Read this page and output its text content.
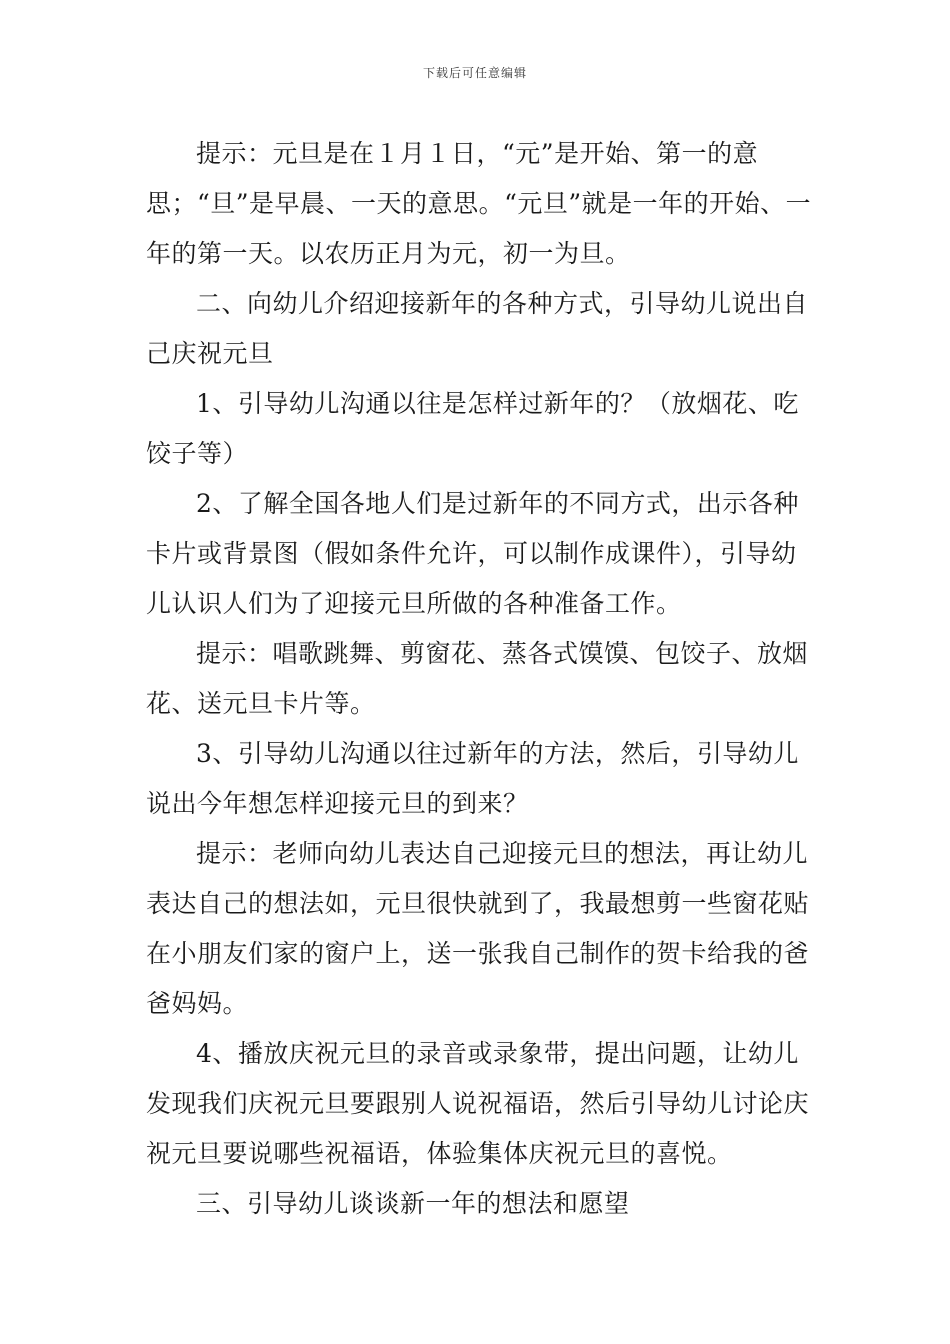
下载后可任意编辑

提示：元旦是在１月１日，“元”是开始、第一的意思；“旦”是早晨、一天的意思。“元旦”就是一年的开始、一年的第一天。以农历正月为元，初一为旦。

二、向幼儿介绍迎接新年的各种方式，引导幼儿说出自己庆祝元旦

1、引导幼儿沟通以往是怎样过新年的？（放烟花、吃饺子等）

2、了解全国各地人们是过新年的不同方式，出示各种卡片或背景图（假如条件允许，可以制作成课件），引导幼儿认识人们为了迎接元旦所做的各种准备工作。

提示：唱歌跳舞、剪窗花、蒸各式馍馍、包饺子、放烟花、送元旦卡片等。

3、引导幼儿沟通以往过新年的方法，然后，引导幼儿说出今年想怎样迎接元旦的到来？

提示：老师向幼儿表达自己迎接元旦的想法，再让幼儿表达自己的想法如，元旦很快就到了，我最想剪一些窗花贴在小朋友们家的窗户上，送一张我自己制作的贺卡给我的爸爸妈妈。

4、播放庆祝元旦的录音或录象带，提出问题，让幼儿发现我们庆祝元旦要跟别人说祝福语，然后引导幼儿讨论庆祝元旦要说哪些祝福语，体验集体庆祝元旦的喜悦。

三、引导幼儿谈谈新一年的想法和愿望
